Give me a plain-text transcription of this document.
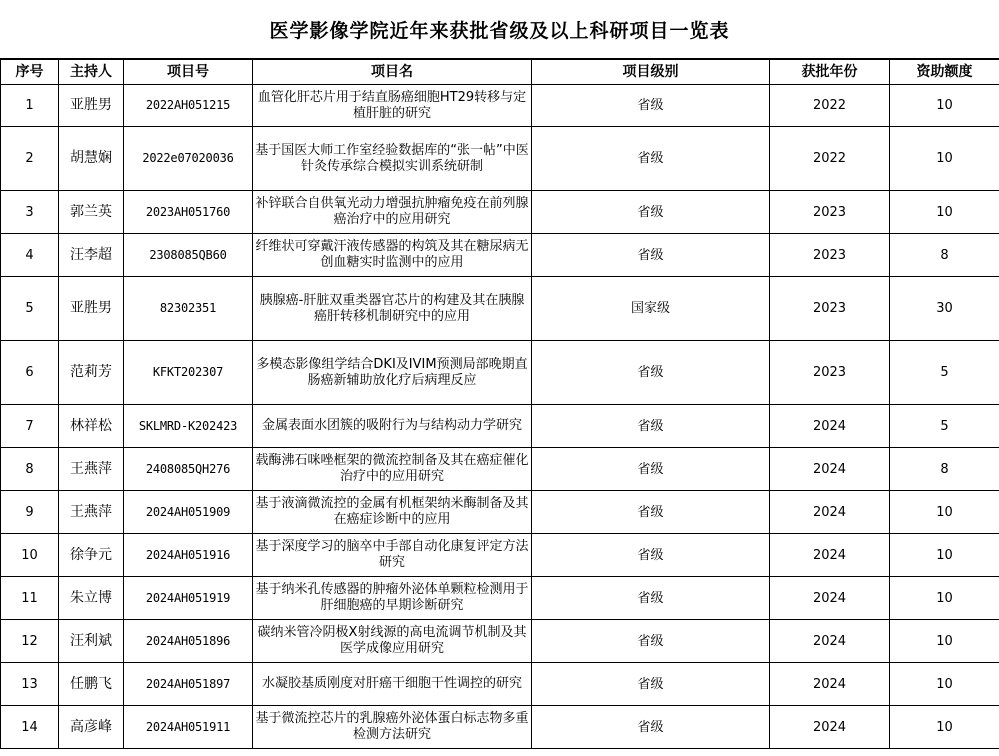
医学影像学院近年来获批省级及以上科研项目一览表
序号	主持人	项目号	项目名	项目级别	获批年份	资助额度
1	亚胜男	2022AH051215	血管化肝芯片用于结直肠癌细胞HT29转移与定植肝脏的研究	省级	2022	10
2	胡慧娴	2022e07020036	基于国医大师工作室经验数据库的“张一帖”中医针灸传承综合模拟实训系统研制	省级	2022	10
3	郭兰英	2023AH051760	补锌联合自供氧光动力增强抗肿瘤免疫在前列腺癌治疗中的应用研究	省级	2023	10
4	汪李超	2308085QB60	纤维状可穿戴汗液传感器的构筑及其在糖尿病无创血糖实时监测中的应用	省级	2023	8
5	亚胜男	82302351	胰腺癌-肝脏双重类器官芯片的构建及其在胰腺癌肝转移机制研究中的应用	国家级	2023	30
6	范莉芳	KFKT202307	多模态影像组学结合DKI及IVIM预测局部晚期直肠癌新辅助放化疗后病理反应	省级	2023	5
7	林祥松	SKLMRD-K202423	金属表面水团簇的吸附行为与结构动力学研究	省级	2024	5
8	王燕萍	2408085QH276	载酶沸石咪唑框架的微流控制备及其在癌症催化治疗中的应用研究	省级	2024	8
9	王燕萍	2024AH051909	基于液滴微流控的金属有机框架纳米酶制备及其在癌症诊断中的应用	省级	2024	10
10	徐争元	2024AH051916	基于深度学习的脑卒中手部自动化康复评定方法研究	省级	2024	10
11	朱立博	2024AH051919	基于纳米孔传感器的肿瘤外泌体单颗粒检测用于肝细胞癌的早期诊断研究	省级	2024	10
12	汪利斌	2024AH051896	碳纳米管冷阴极X射线源的高电流调节机制及其医学成像应用研究	省级	2024	10
13	任鹏飞	2024AH051897	水凝胶基质刚度对肝癌干细胞干性调控的研究	省级	2024	10
14	高彦峰	2024AH051911	基于微流控芯片的乳腺癌外泌体蛋白标志物多重检测方法研究	省级	2024	10
